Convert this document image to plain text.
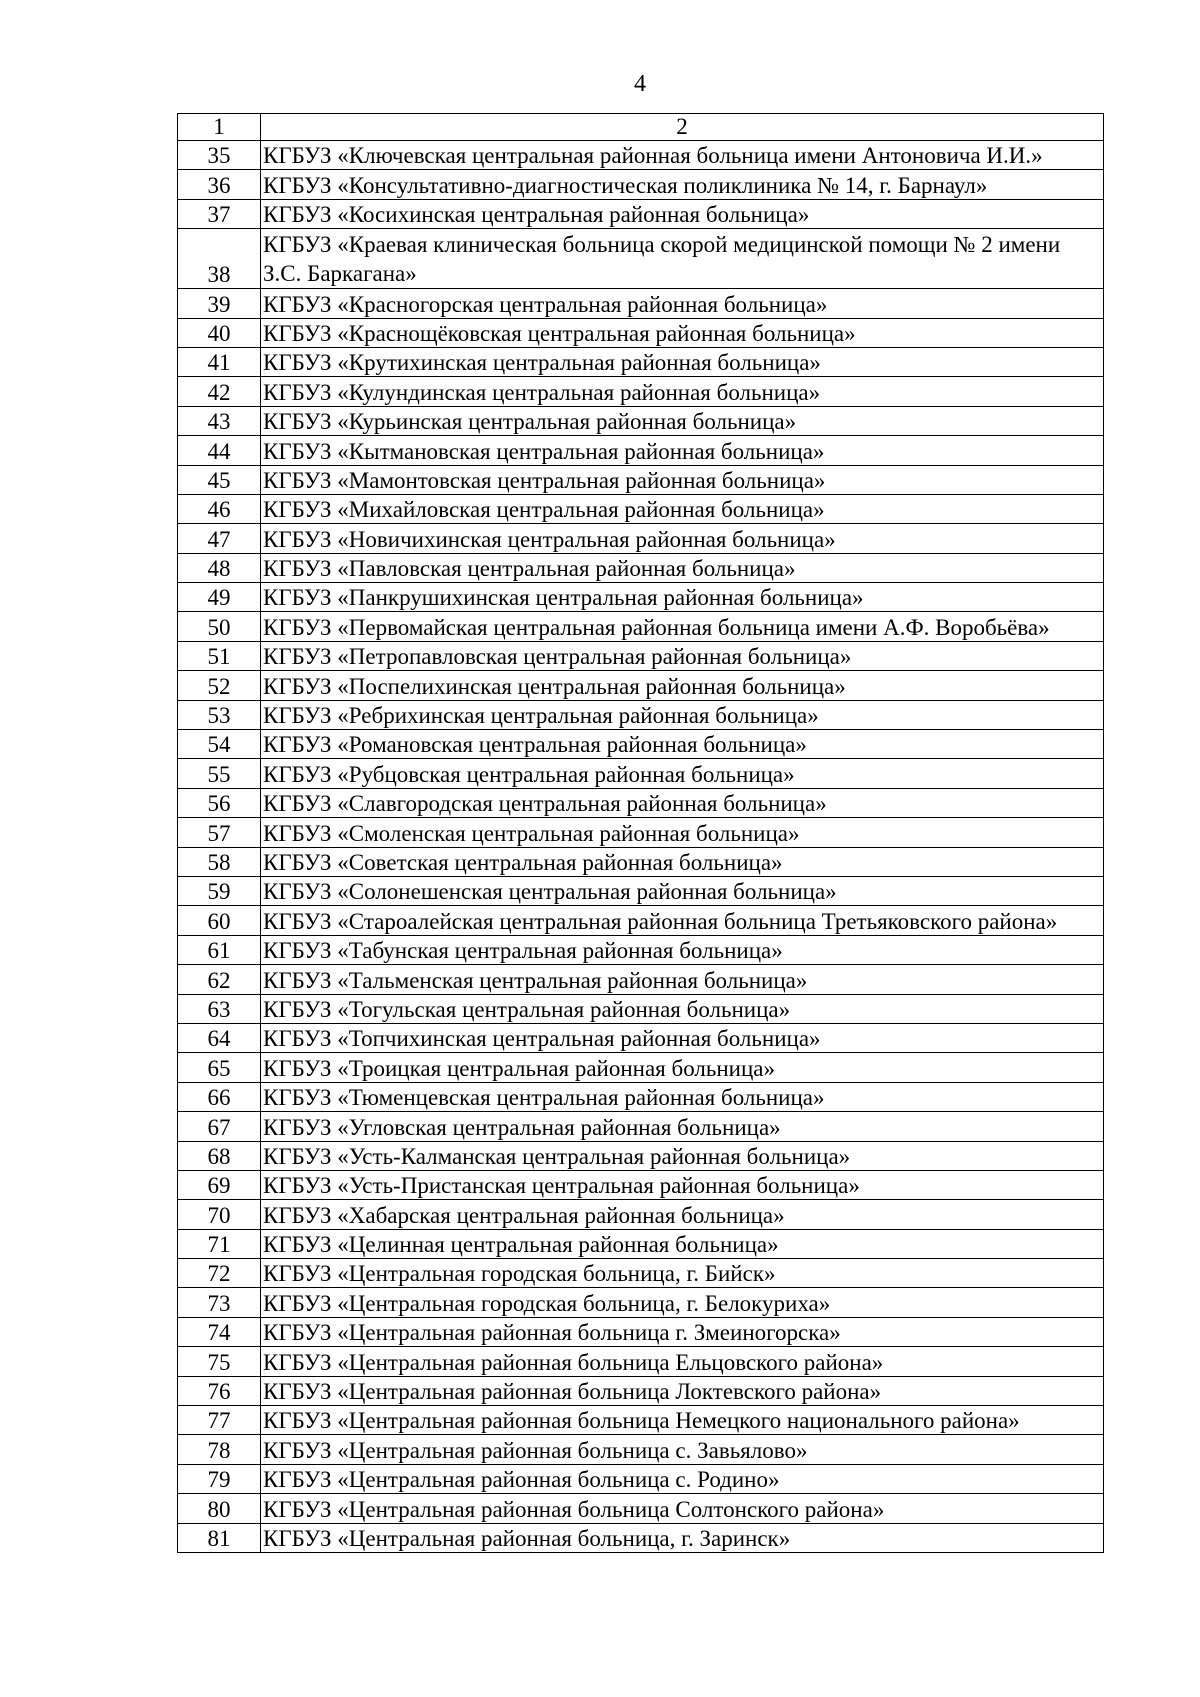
4
1	2
35	КГБУЗ «Ключевская центральная районная больница имени Антоновича И.И.»
36	КГБУЗ «Консультативно-диагностическая поликлиника № 14, г. Барнаул»
37	КГБУЗ «Косихинская центральная районная больница»
38	КГБУЗ «Краевая клиническая больница скорой медицинской помощи № 2 имени З.С. Баркагана»
39	КГБУЗ «Красногорская центральная районная больница»
40	КГБУЗ «Краснощёковская центральная районная больница»
41	КГБУЗ «Крутихинская центральная районная больница»
42	КГБУЗ «Кулундинская центральная районная больница»
43	КГБУЗ «Курьинская центральная районная больница»
44	КГБУЗ «Кытмановская центральная районная больница»
45	КГБУЗ «Мамонтовская центральная районная больница»
46	КГБУЗ «Михайловская центральная районная больница»
47	КГБУЗ «Новичихинская центральная районная больница»
48	КГБУЗ «Павловская центральная районная больница»
49	КГБУЗ «Панкрушихинская центральная районная больница»
50	КГБУЗ «Первомайская центральная районная больница имени А.Ф. Воробьёва»
51	КГБУЗ «Петропавловская центральная районная больница»
52	КГБУЗ «Поспелихинская центральная районная больница»
53	КГБУЗ «Ребрихинская центральная районная больница»
54	КГБУЗ «Романовская центральная районная больница»
55	КГБУЗ «Рубцовская центральная районная больница»
56	КГБУЗ «Славгородская центральная районная больница»
57	КГБУЗ «Смоленская центральная районная больница»
58	КГБУЗ «Советская центральная районная больница»
59	КГБУЗ «Солонешенская центральная районная больница»
60	КГБУЗ «Староалейская центральная районная больница Третьяковского района»
61	КГБУЗ «Табунская центральная районная больница»
62	КГБУЗ «Тальменская центральная районная больница»
63	КГБУЗ «Тогульская центральная районная больница»
64	КГБУЗ «Топчихинская центральная районная больница»
65	КГБУЗ «Троицкая центральная районная больница»
66	КГБУЗ «Тюменцевская центральная районная больница»
67	КГБУЗ «Угловская центральная районная больница»
68	КГБУЗ «Усть-Калманская центральная районная больница»
69	КГБУЗ «Усть-Пристанская центральная районная больница»
70	КГБУЗ «Хабарская центральная районная больница»
71	КГБУЗ «Целинная центральная районная больница»
72	КГБУЗ «Центральная городская больница, г. Бийск»
73	КГБУЗ «Центральная городская больница, г. Белокуриха»
74	КГБУЗ «Центральная районная больница г. Змеиногорска»
75	КГБУЗ «Центральная районная больница Ельцовского района»
76	КГБУЗ «Центральная районная больница Локтевского района»
77	КГБУЗ «Центральная районная больница Немецкого национального района»
78	КГБУЗ «Центральная районная больница с. Завьялово»
79	КГБУЗ «Центральная районная больница с. Родино»
80	КГБУЗ «Центральная районная больница Солтонского района»
81	КГБУЗ «Центральная районная больница, г. Заринск»
